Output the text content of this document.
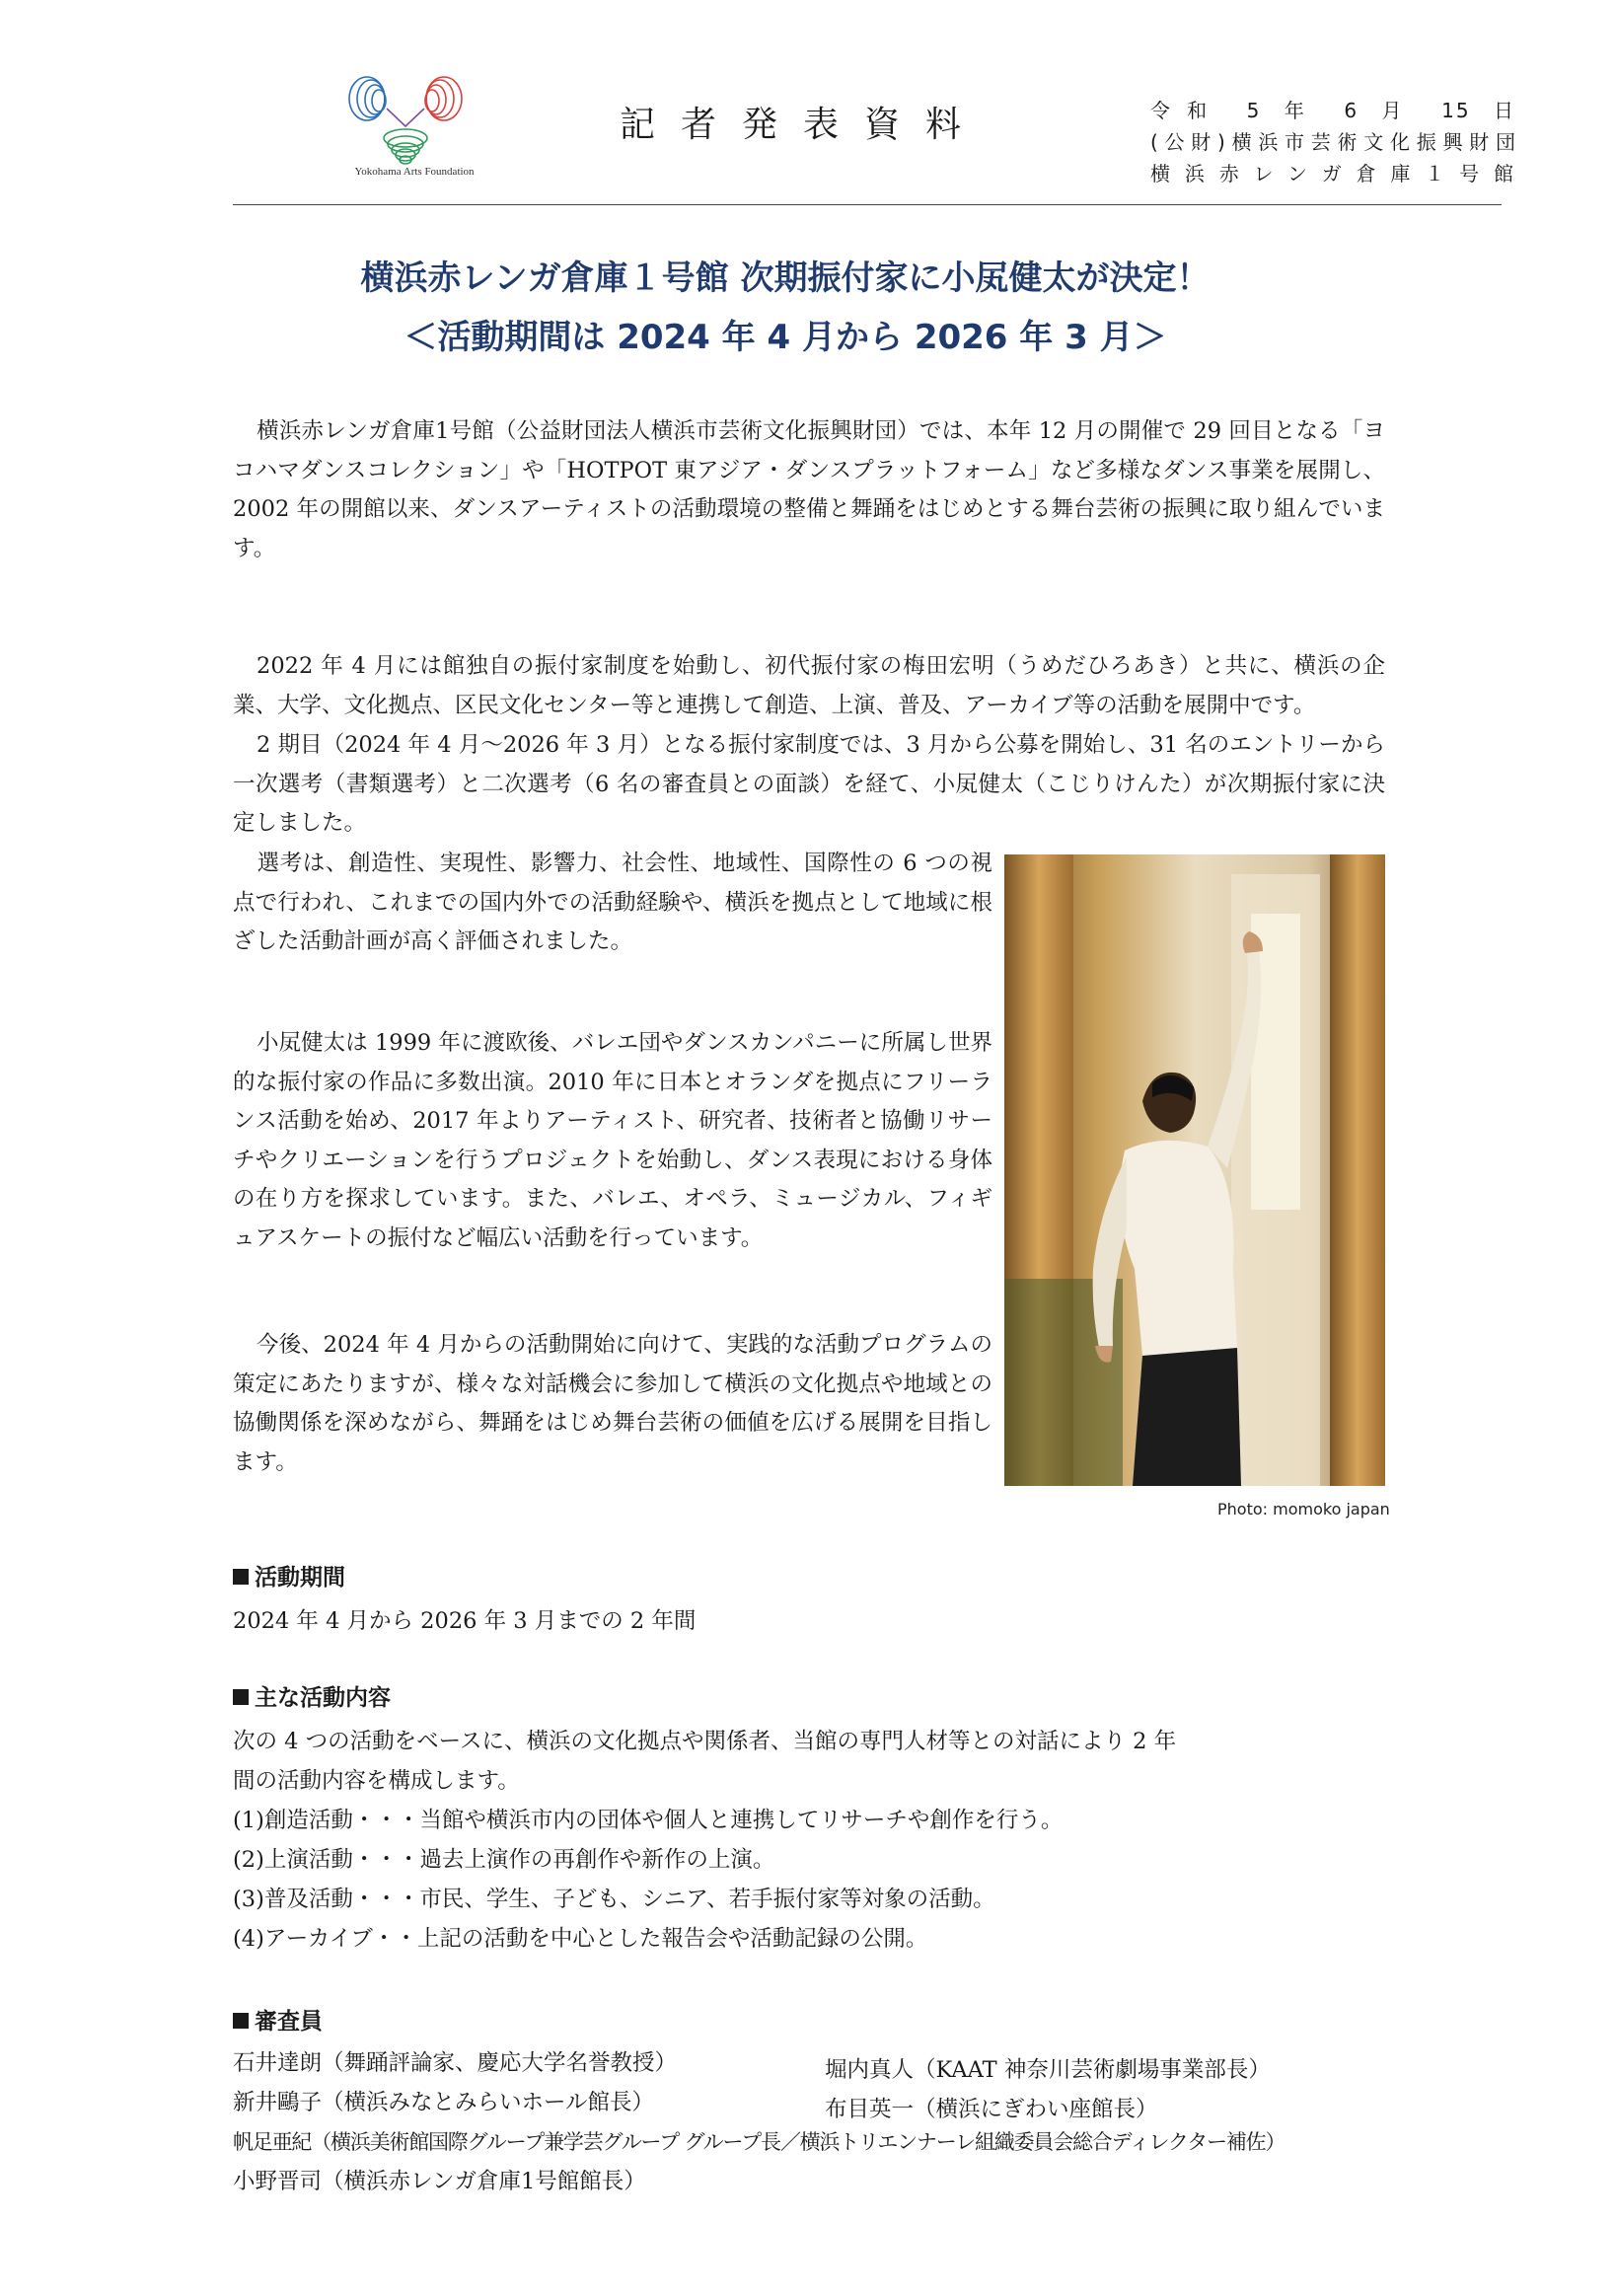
Yokohama Arts Foundation
記者発表資料	令和 5 年 6 月 15 日
(公財)横浜市芸術文化振興財団
横浜赤レンガ倉庫１号館
横浜赤レンガ倉庫１号館 次期振付家に小㞍健太が決定！
＜活動期間は 2024 年 4 月から 2026 年 3 月＞
横浜赤レンガ倉庫1号館（公益財団法人横浜市芸術文化振興財団）では、本年 12 月の開催で 29 回目となる「ヨコハマダンスコレクション」や「HOTPOT 東アジア・ダンスプラットフォーム」など多様なダンス事業を展開し、2002 年の開館以来、ダンスアーティストの活動環境の整備と舞踊をはじめとする舞台芸術の振興に取り組んでいます。
2022 年 4 月には館独自の振付家制度を始動し、初代振付家の梅田宏明（うめだひろあき）と共に、横浜の企業、大学、文化拠点、区民文化センター等と連携して創造、上演、普及、アーカイブ等の活動を展開中です。
2 期目（2024 年 4 月～2026 年 3 月）となる振付家制度では、3 月から公募を開始し、31 名のエントリーから一次選考（書類選考）と二次選考（6 名の審査員との面談）を経て、小㞍健太（こじりけんた）が次期振付家に決定しました。
選考は、創造性、実現性、影響力、社会性、地域性、国際性の 6 つの視点で行われ、これまでの国内外での活動経験や、横浜を拠点として地域に根ざした活動計画が高く評価されました。
小㞍健太は 1999 年に渡欧後、バレエ団やダンスカンパニーに所属し世界的な振付家の作品に多数出演。2010 年に日本とオランダを拠点にフリーランス活動を始め、2017 年よりアーティスト、研究者、技術者と協働リサーチやクリエーションを行うプロジェクトを始動し、ダンス表現における身体の在り方を探求しています。また、バレエ、オペラ、ミュージカル、フィギュアスケートの振付など幅広い活動を行っています。
今後、2024 年 4 月からの活動開始に向けて、実践的な活動プログラムの策定にあたりますが、様々な対話機会に参加して横浜の文化拠点や地域との協働関係を深めながら、舞踊をはじめ舞台芸術の価値を広げる展開を目指します。
Photo: momoko japan
活動期間
2024 年 4 月から 2026 年 3 月までの 2 年間
主な活動内容
次の 4 つの活動をベースに、横浜の文化拠点や関係者、当館の専門人材等との対話により 2 年
間の活動内容を構成します。
(1)創造活動・・・当館や横浜市内の団体や個人と連携してリサーチや創作を行う。
(2)上演活動・・・過去上演作の再創作や新作の上演。
(3)普及活動・・・市民、学生、子ども、シニア、若手振付家等対象の活動。
(4)アーカイブ・・上記の活動を中心とした報告会や活動記録の公開。
審査員
石井達朗（舞踊評論家、慶応大学名誉教授）	堀内真人（KAAT 神奈川芸術劇場事業部長）
新井鷗子（横浜みなとみらいホール館長）	布目英一（横浜にぎわい座館長）
帆足亜紀（横浜美術館国際グループ兼学芸グループ グループ長／横浜トリエンナーレ組織委員会総合ディレクター補佐）
小野晋司（横浜赤レンガ倉庫1号館館長）
